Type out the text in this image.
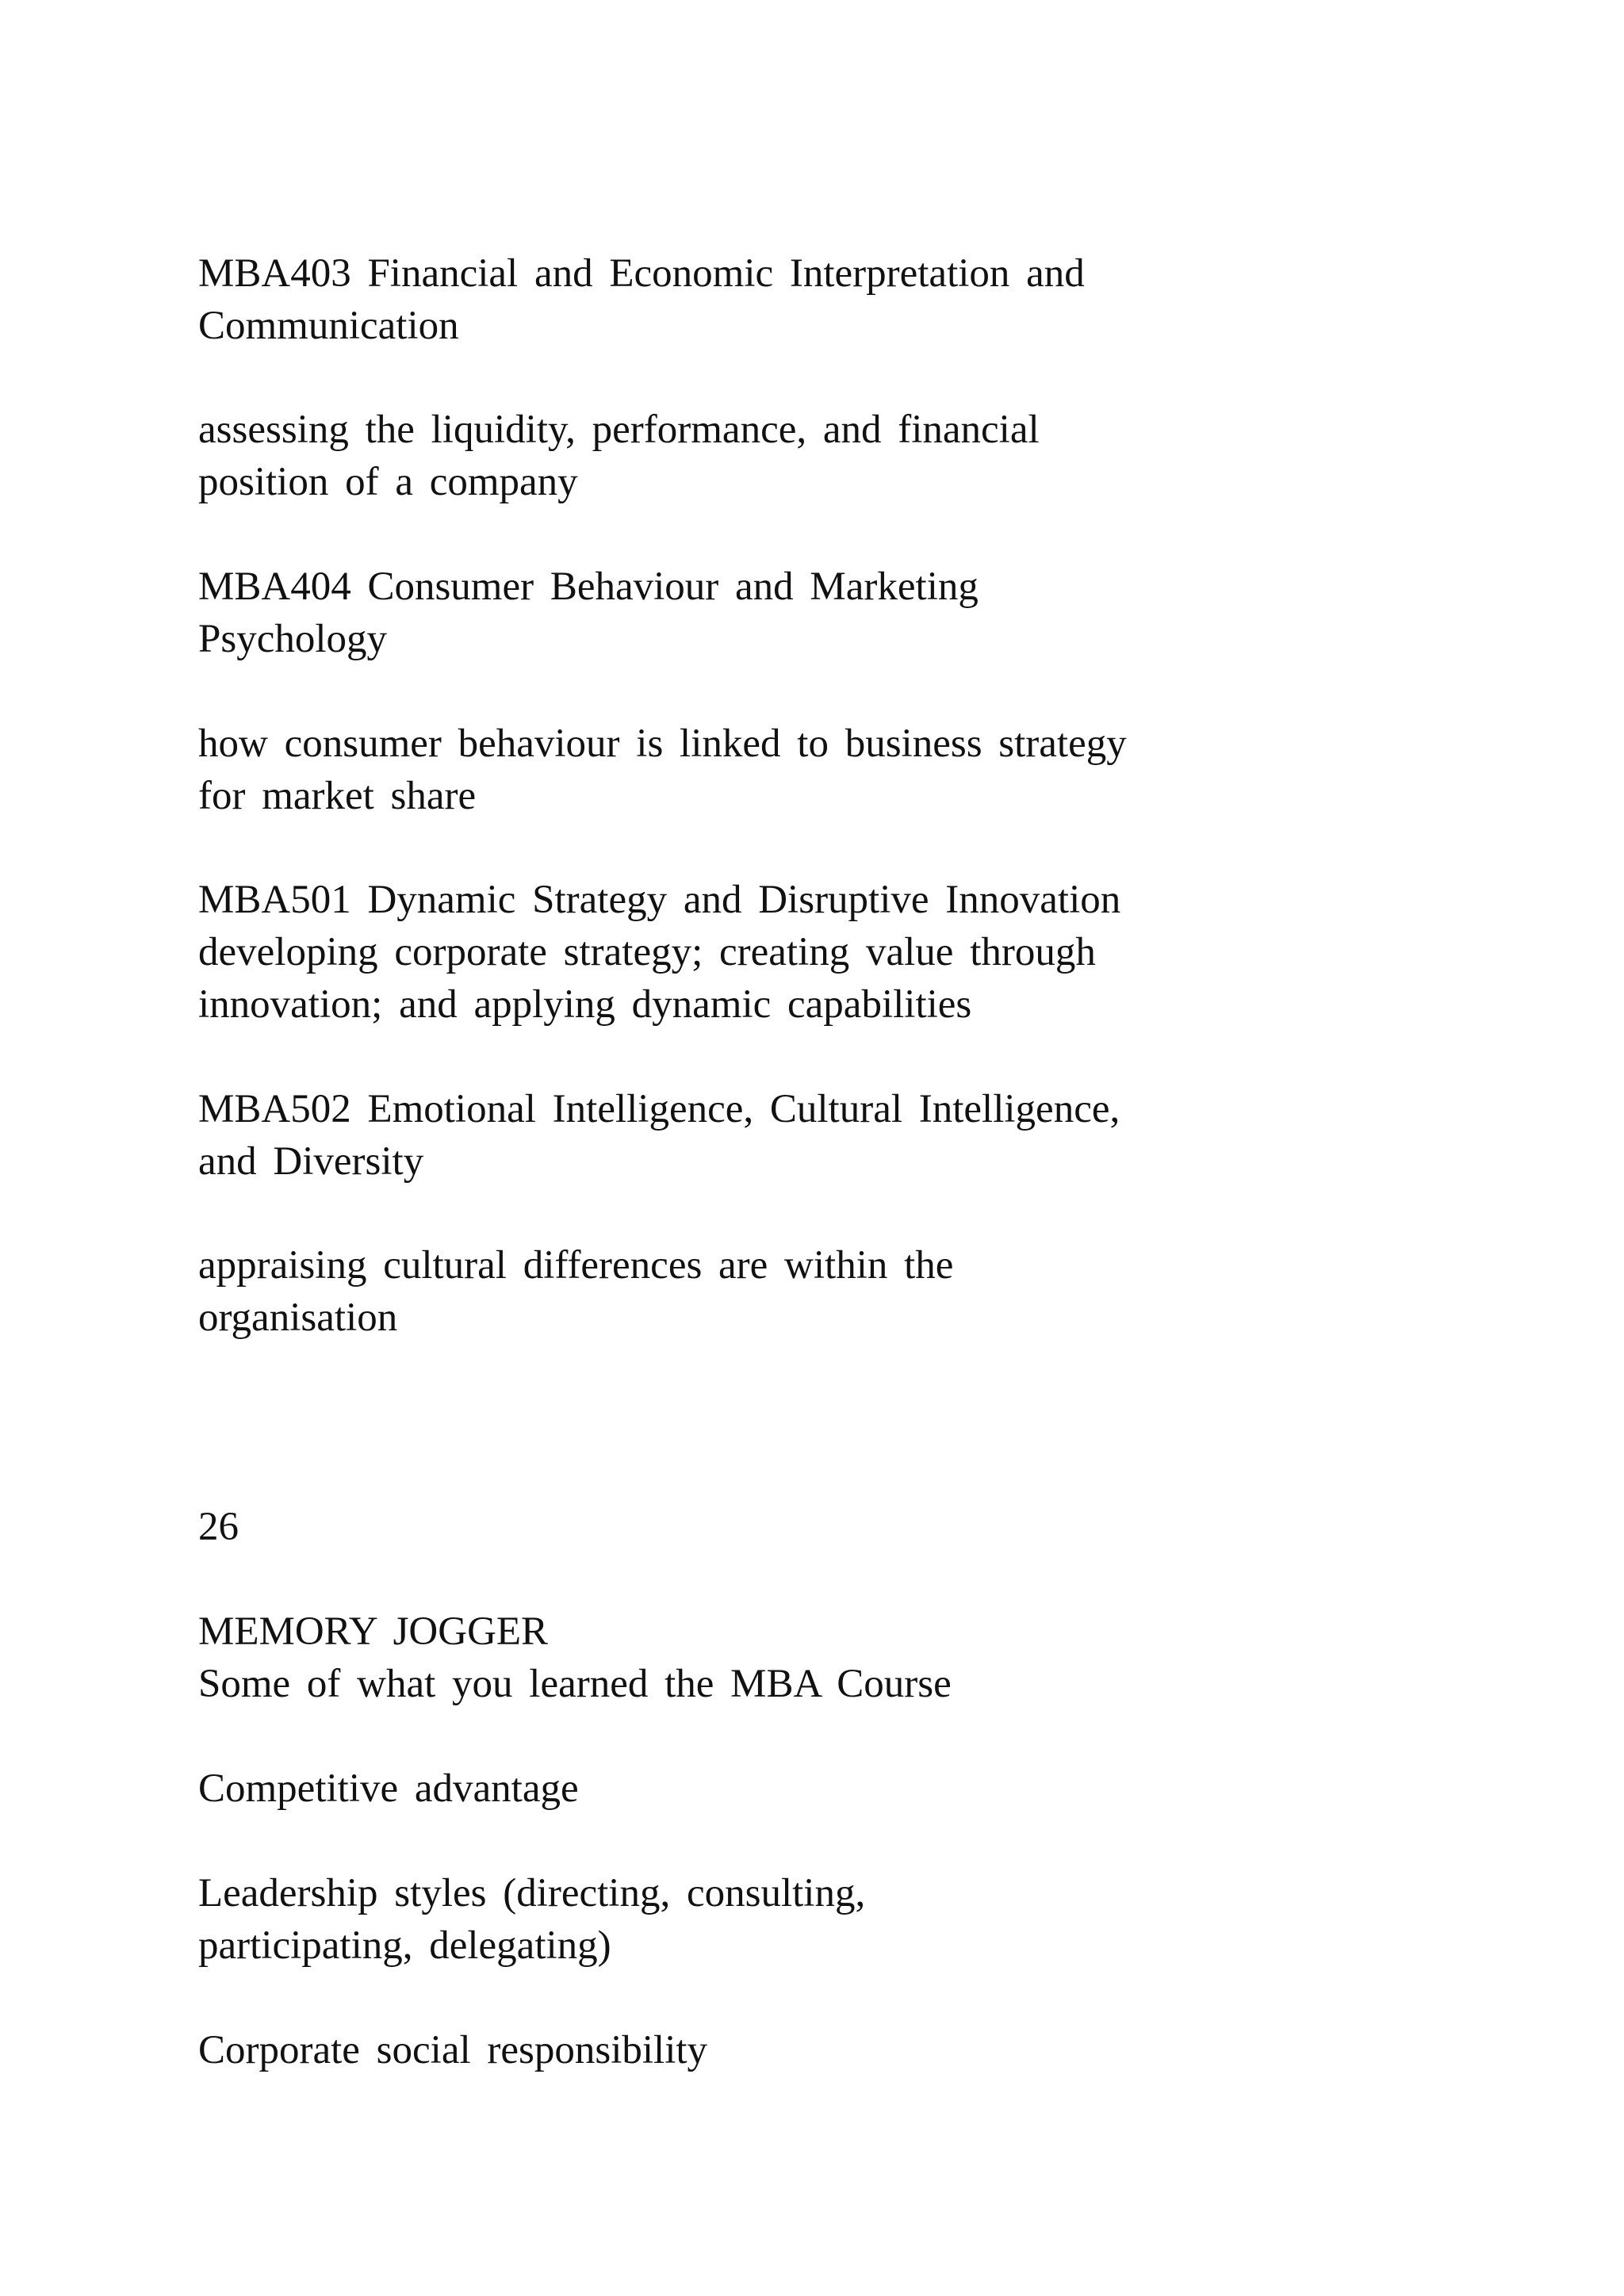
MBA403 Financial and Economic Interpretation and

Communication

assessing the liquidity, performance, and financial

position of a company

MBA404 Consumer Behaviour and Marketing

Psychology

how consumer behaviour is linked to business strategy

for market share

MBA501 Dynamic Strategy and Disruptive Innovation

developing corporate strategy; creating value through

innovation; and applying dynamic capabilities

MBA502 Emotional Intelligence, Cultural Intelligence,

and Diversity

appraising cultural differences are within the

organisation

26

MEMORY JOGGER

Some of what you learned the MBA Course

Competitive advantage

Leadership styles (directing, consulting,

participating, delegating)

Corporate social responsibility
